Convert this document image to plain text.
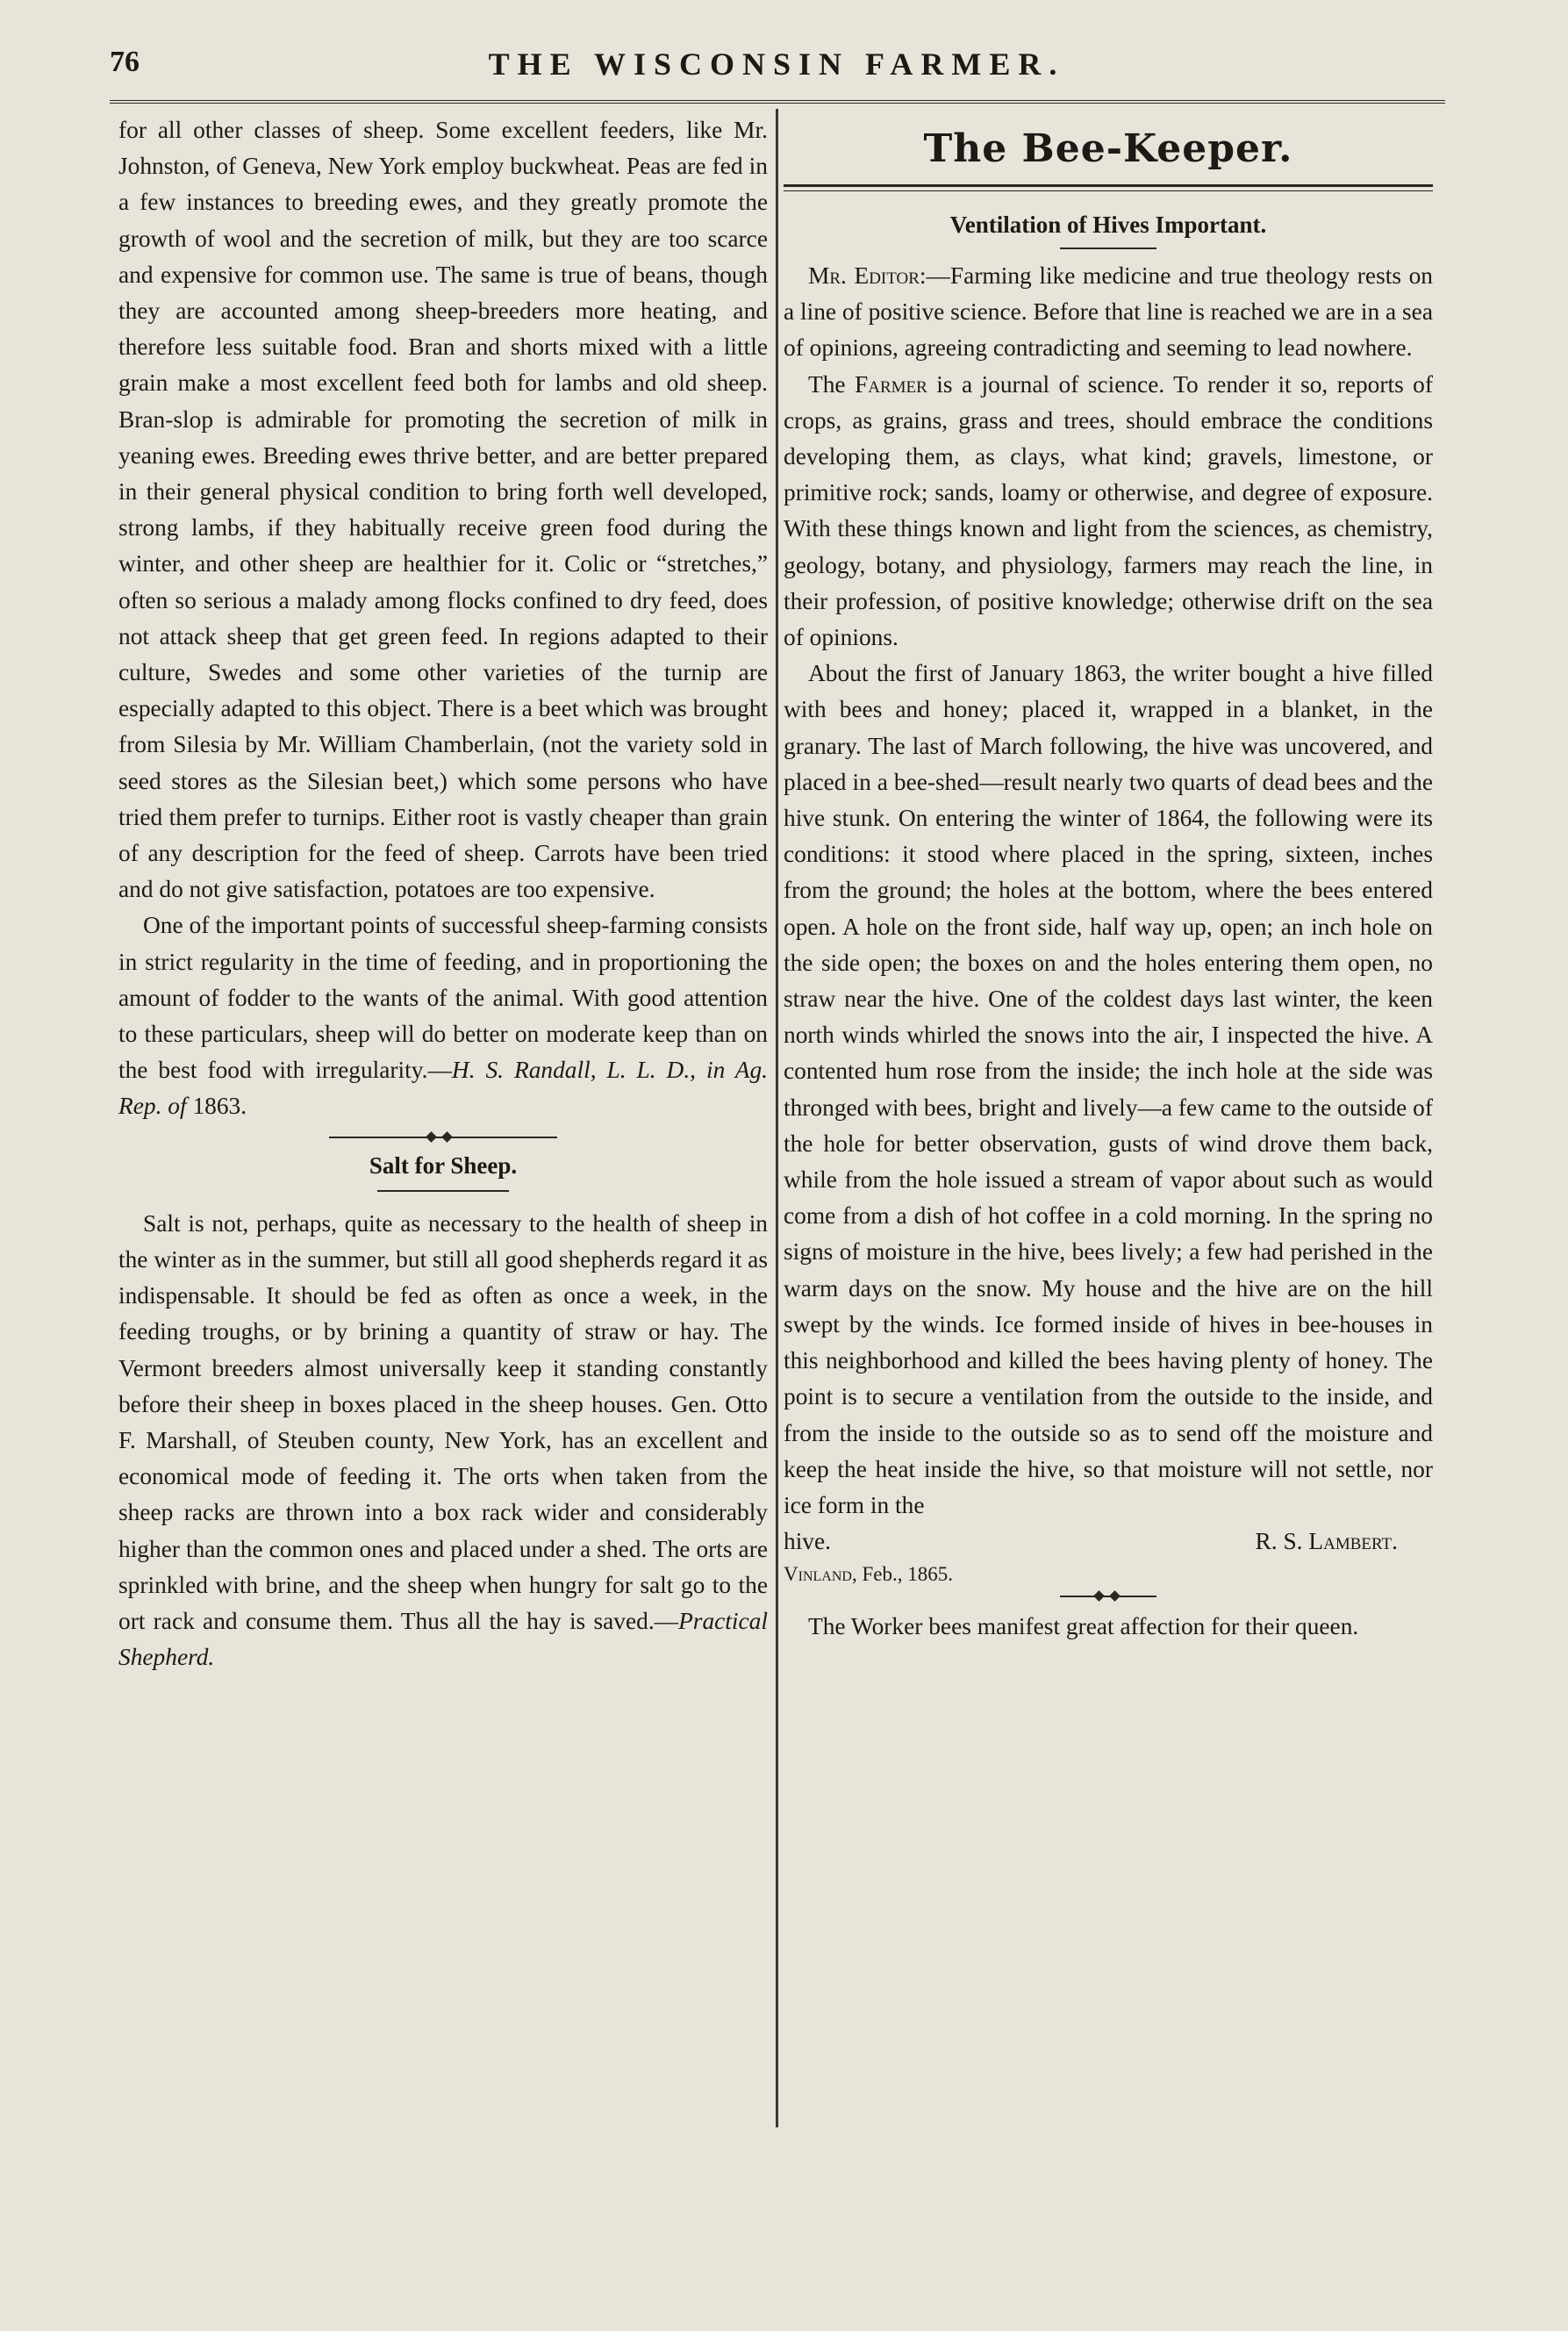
76	THE WISCONSIN FARMER.

for all other classes of sheep. Some excellent feeders, like Mr. Johnston, of Geneva, New York employ buckwheat. Peas are fed in a few instances to breeding ewes, and they greatly promote the growth of wool and the secretion of milk, but they are too scarce and expensive for common use. The same is true of beans, though they are accounted among sheep-breeders more heating, and therefore less suitable food. Bran and shorts mixed with a little grain make a most excellent feed both for lambs and old sheep. Bran-slop is admirable for promoting the secretion of milk in yeaning ewes. Breeding ewes thrive better, and are better prepared in their general physical condition to bring forth well developed, strong lambs, if they habitually receive green food during the winter, and other sheep are healthier for it. Colic or “stretches,” often so serious a malady among flocks confined to dry feed, does not attack sheep that get green feed. In regions adapted to their culture, Swedes and some other varieties of the turnip are especially adapted to this object. There is a beet which was brought from Silesia by Mr. William Chamberlain, (not the variety sold in seed stores as the Silesian beet,) which some persons who have tried them prefer to turnips. Either root is vastly cheaper than grain of any description for the feed of sheep. Carrots have been tried and do not give satisfaction, potatoes are too expensive.

One of the important points of successful sheep-farming consists in strict regularity in the time of feeding, and in proportioning the amount of fodder to the wants of the animal. With good attention to these particulars, sheep will do better on moderate keep than on the best food with irregularity.—H. S. Randall, L. L. D., in Ag. Rep. of 1863.

Salt for Sheep.

Salt is not, perhaps, quite as necessary to the health of sheep in the winter as in the summer, but still all good shepherds regard it as indispensable. It should be fed as often as once a week, in the feeding troughs, or by brining a quantity of straw or hay. The Vermont breeders almost universally keep it standing constantly before their sheep in boxes placed in the sheep houses. Gen. Otto F. Marshall, of Steuben county, New York, has an excellent and economical mode of feeding it. The orts when taken from the sheep racks are thrown into a box rack wider and considerably higher than the common ones and placed under a shed. The orts are sprinkled with brine, and the sheep when hungry for salt go to the ort rack and consume them. Thus all the hay is saved.—Practical Shepherd.

The Bee-Keeper.
Ventilation of Hives Important.

Mr. Editor:—Farming like medicine and true theology rests on a line of positive science. Before that line is reached we are in a sea of opinions, agreeing contradicting and seeming to lead nowhere.

The Farmer is a journal of science. To render it so, reports of crops, as grains, grass and trees, should embrace the conditions developing them, as clays, what kind; gravels, limestone, or primitive rock; sands, loamy or otherwise, and degree of exposure. With these things known and light from the sciences, as chemistry, geology, botany, and physiology, farmers may reach the line, in their profession, of positive knowledge; otherwise drift on the sea of opinions.

About the first of January 1863, the writer bought a hive filled with bees and honey; placed it, wrapped in a blanket, in the granary. The last of March following, the hive was uncovered, and placed in a bee-shed—result nearly two quarts of dead bees and the hive stunk. On entering the winter of 1864, the following were its conditions: it stood where placed in the spring, sixteen, inches from the ground; the holes at the bottom, where the bees entered open. A hole on the front side, half way up, open; an inch hole on the side open; the boxes on and the holes entering them open, no straw near the hive. One of the coldest days last winter, the keen north winds whirled the snows into the air, I inspected the hive. A contented hum rose from the inside; the inch hole at the side was thronged with bees, bright and lively—a few came to the outside of the hole for better observation, gusts of wind drove them back, while from the hole issued a stream of vapor about such as would come from a dish of hot coffee in a cold morning. In the spring no signs of moisture in the hive, bees lively; a few had perished in the warm days on the snow. My house and the hive are on the hill swept by the winds. Ice formed inside of hives in bee-houses in this neighborhood and killed the bees having plenty of honey. The point is to secure a ventilation from the outside to the inside, and from the inside to the outside so as to send off the moisture and keep the heat inside the hive, so that moisture will not settle, nor ice form in the

hive.	R. S. Lambert.

Vinland, Feb., 1865.

The Worker bees manifest great affection for their queen.
